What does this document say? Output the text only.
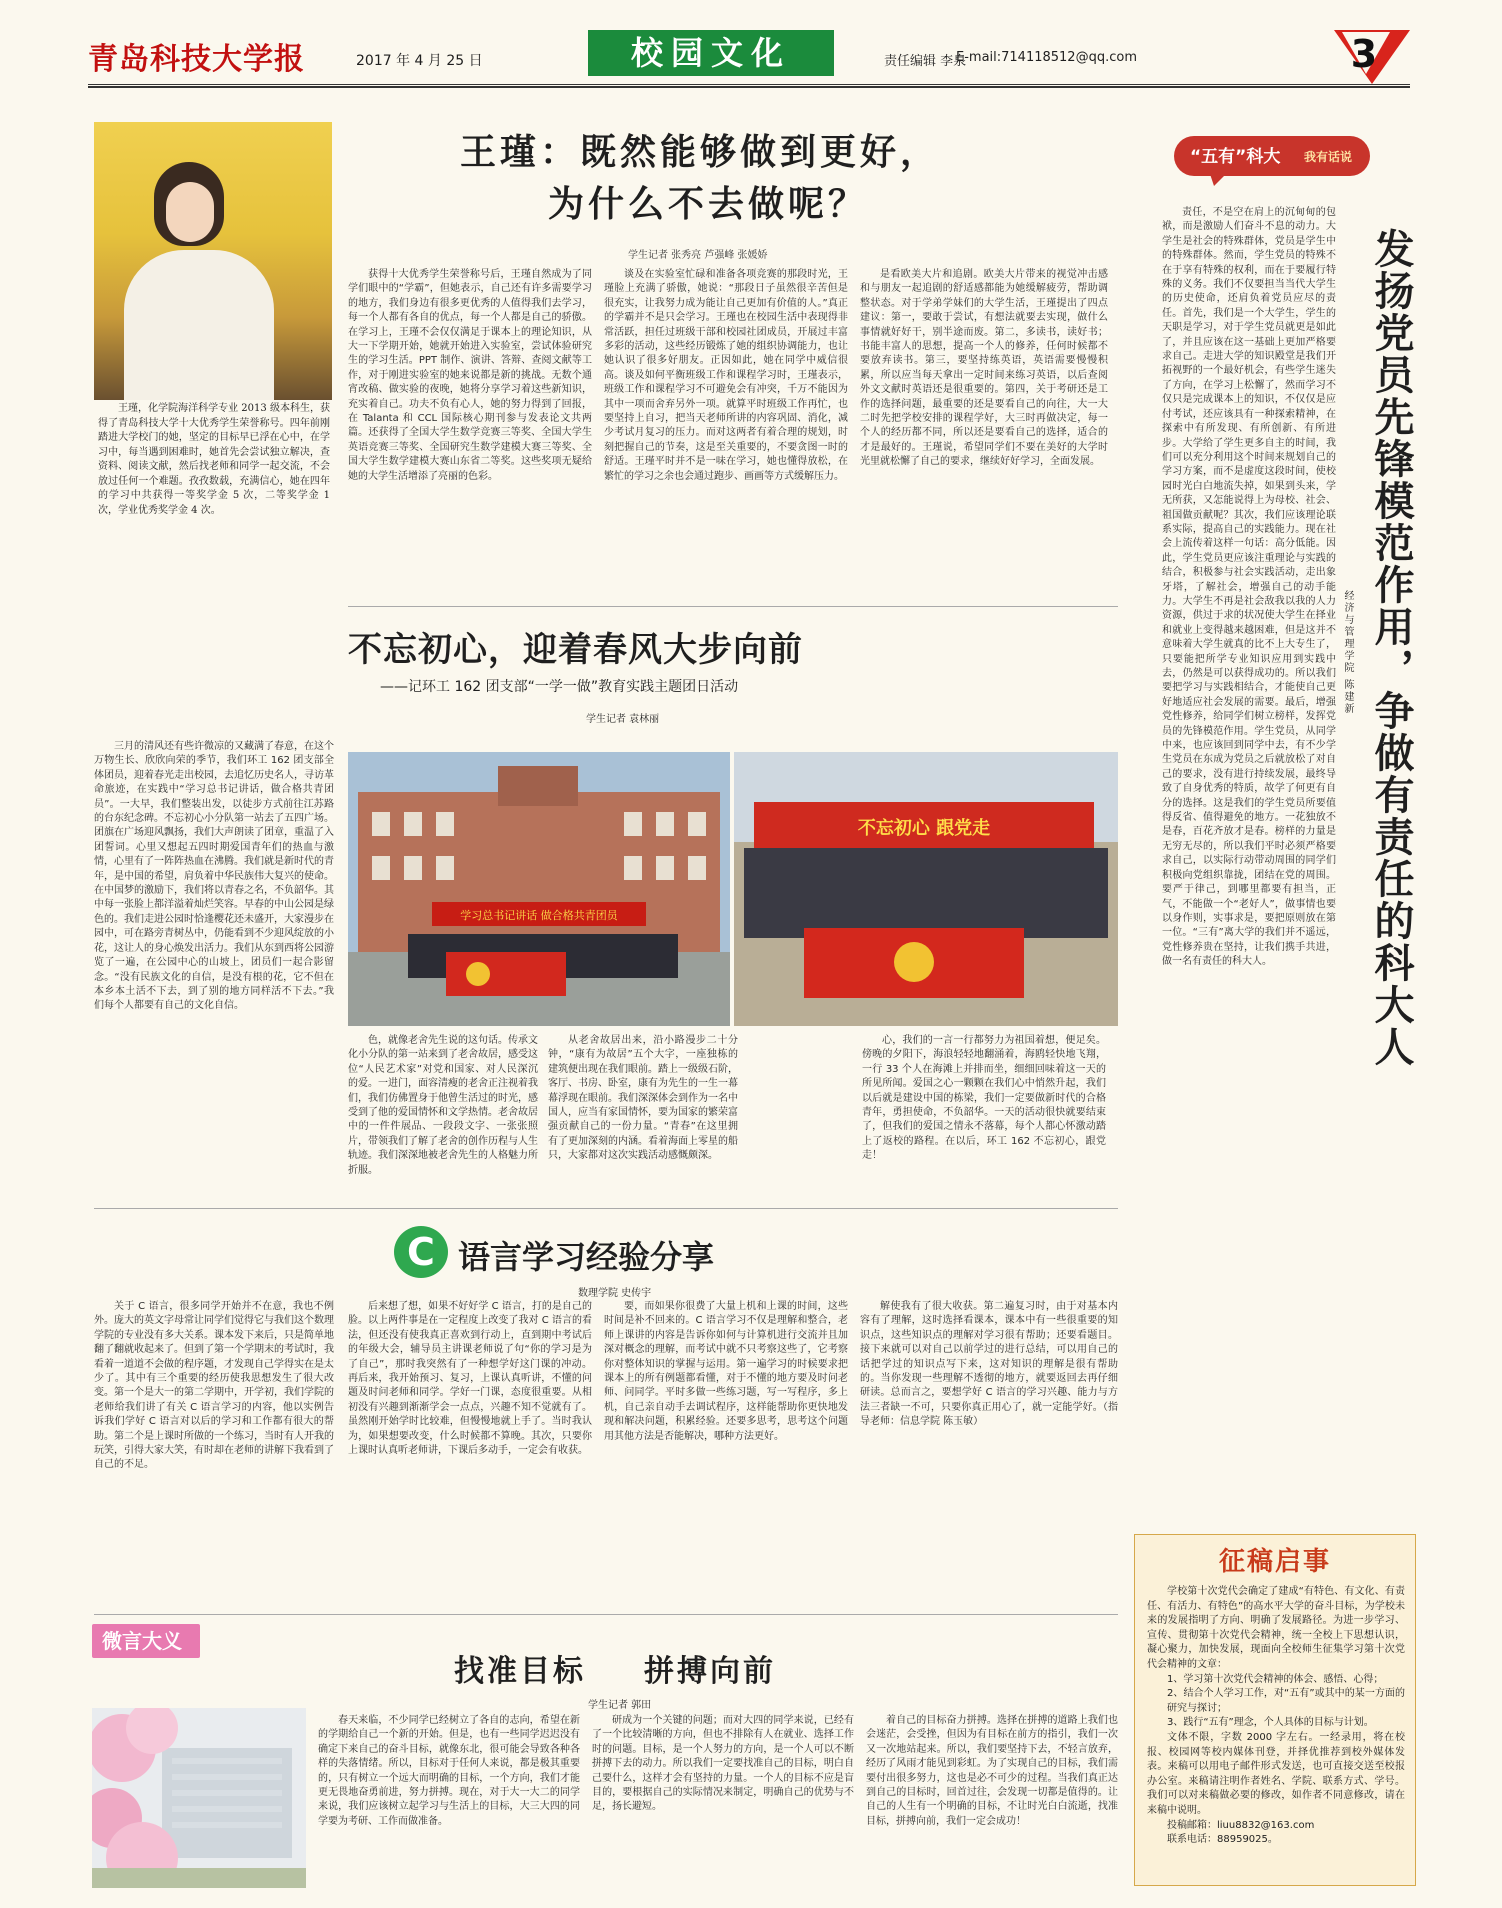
青岛科技大学报	2017 年 4 月 25 日	校园文化	责任编辑 李泉
E-mail:714118512@qq.com	3
王瑾，化学院海洋科学专业 2013 级本科生，获得了青岛科技大学十大优秀学生荣誉称号。四年前刚踏进大学校门的她，坚定的目标早已浮在心中，在学习中，每当遇到困难时，她首先会尝试独立解决，查资料、阅读文献，然后找老师和同学一起交流，不会放过任何一个难题。孜孜数载，充满信心，她在四年的学习中共获得一等奖学金 5 次，二等奖学金 1 次，学业优秀奖学金 4 次。
王瑾：既然能够做到更好，
为什么不去做呢？
学生记者 张秀亮 芦强峰 张媛娇
获得十大优秀学生荣誉称号后，王瑾自然成为了同学们眼中的“学霸”，但她表示，自己还有许多需要学习的地方，我们身边有很多更优秀的人值得我们去学习，每一个人都有各自的优点，每一个人都是自己的骄傲。在学习上，王瑾不会仅仅满足于课本上的理论知识，从大一下学期开始，她就开始进入实验室，尝试体验研究生的学习生活。PPT 制作、演讲、答辩、查阅文献等工作，对于刚进实验室的她来说都是新的挑战。无数个通宵改稿、做实验的夜晚，她将分享学习着这些新知识，充实着自己。功夫不负有心人，她的努力得到了回报，在 Talanta 和 CCL 国际核心期刊参与发表论文共两篇。还获得了全国大学生数学竞赛三等奖、全国大学生英语竞赛三等奖、全国研究生数学建模大赛三等奖、全国大学生数学建模大赛山东省二等奖。这些奖项无疑给她的大学生活增添了亮丽的色彩。
谈及在实验室忙碌和准备各项竞赛的那段时光，王瑾脸上充满了骄傲，她说：“那段日子虽然很辛苦但是很充实，让我努力成为能让自己更加有价值的人。”真正的学霸并不是只会学习。王瑾也在校园生活中表现得非常活跃，担任过班级干部和校园社团成员，开展过丰富多彩的活动，这些经历锻炼了她的组织协调能力，也让她认识了很多好朋友。正因如此，她在同学中威信很高。谈及如何平衡班级工作和课程学习时，王瑾表示，班级工作和课程学习不可避免会有冲突，千万不能因为其中一项而舍弃另外一项。就算平时班级工作再忙，也要坚持上自习，把当天老师所讲的内容巩固、消化，减少考试月复习的压力。而对这两者有着合理的规划，时刻把握自己的节奏，这是至关重要的，不要贪图一时的舒适。王瑾平时并不是一味在学习，她也懂得放松，在繁忙的学习之余也会通过跑步、画画等方式缓解压力。
是看欧美大片和追剧。欧美大片带来的视觉冲击感和与朋友一起追剧的舒适感都能为她缓解疲劳，帮助调整状态。对于学弟学妹们的大学生活，王瑾提出了四点建议：第一，要敢于尝试，有想法就要去实现，做什么事情就好好干，别半途而废。第二，多读书，读好书；书能丰富人的思想，提高一个人的修养，任何时候都不要放弃读书。第三，要坚持练英语，英语需要慢慢积累，所以应当每天拿出一定时间来练习英语，以后查阅外文文献时英语还是很重要的。第四，关于考研还是工作的选择问题，最重要的还是要看自己的向往，大一大二时先把学校安排的课程学好，大三时再做决定，每一个人的经历都不同，所以还是要看自己的选择，适合的才是最好的。王瑾说，希望同学们不要在美好的大学时光里就松懈了自己的要求，继续好好学习，全面发展。
不忘初心，迎着春风大步向前
——记环工 162 团支部“一学一做”教育实践主题团日活动
学生记者 袁林丽
三月的清风还有些许微凉的又藏满了春意，在这个万物生长、欣欣向荣的季节，我们环工 162 团支部全体团员，迎着春光走出校园，去追忆历史名人，寻访革命旅迹，在实践中“学习总书记讲话，做合格共青团员”。一大早，我们整装出发，以徒步方式前往江苏路的台东纪念碑。不忘初心小分队第一站去了五四广场。团旗在广场迎风飘扬，我们大声朗读了团章，重温了入团誓词。心里又想起五四时期爱国青年们的热血与激情，心里有了一阵阵热血在沸腾。我们就是新时代的青年，是中国的希望，肩负着中华民族伟大复兴的使命。在中国梦的激励下，我们将以青春之名，不负韶华。其中每一张脸上都洋溢着灿烂笑容。早春的中山公园是绿色的。我们走进公园时恰逢樱花还未盛开，大家漫步在园中，可在路旁青树丛中，仍能看到不少迎风绽放的小花，这让人的身心焕发出活力。我们从东到西将公园游览了一遍，在公园中心的山坡上，团员们一起合影留念。“没有民族文化的自信，是没有根的花，它不但在本乡本土活不下去，到了别的地方同样活不下去。”我们每个人都要有自己的文化自信。
学习总书记讲话 做合格共青团员
不忘初心 跟党走
色，就像老舍先生说的这句话。传承文化小分队的第一站来到了老舍故居，感受这位“人民艺术家”对党和国家、对人民深沉的爱。一进门，面容清瘦的老舍正注视着我们，我们仿佛置身于他曾生活过的时光，感受到了他的爱国情怀和文学热情。老舍故居中的一件件展品、一段段文字、一张张照片，带领我们了解了老舍的创作历程与人生轨迹。我们深深地被老舍先生的人格魅力所折服。
从老舍故居出来，沿小路漫步二十分钟，“康有为故居”五个大字，一座独栋的建筑便出现在我们眼前。踏上一级级石阶，客厅、书房、卧室，康有为先生的一生一幕幕浮现在眼前。我们深深体会到作为一名中国人，应当有家国情怀，要为国家的繁荣富强贡献自己的一份力量。“青春”在这里拥有了更加深刻的内涵。看着海面上零星的船只，大家都对这次实践活动感慨颇深。
心，我们的一言一行都努力为祖国着想，便足矣。傍晚的夕阳下，海浪轻轻地翻涌着，海鸥轻快地飞翔，一行 33 个人在海滩上并排而坐，细细回味着这一天的所见所闻。爱国之心一颗颗在我们心中悄然升起，我们以后就是建设中国的栋梁，我们一定要做新时代的合格青年，勇担使命，不负韶华。一天的活动很快就要结束了，但我们的爱国之情永不落幕，每个人都心怀激动踏上了返校的路程。在以后，环工 162 不忘初心，跟党走！
C 语言学习经验分享
数理学院 史传宇
关于 C 语言，很多同学开始并不在意，我也不例外。庞大的英文字母常让同学们觉得它与我们这个数理学院的专业没有多大关系。课本发下来后，只是简单地翻了翻就收起来了。但到了第一个学期末的考试时，我看着一道道不会做的程序题，才发现自己学得实在是太少了。其中有三个重要的经历使我思想发生了很大改变。第一个是大一的第二学期中，开学初，我们学院的老师给我们讲了有关 C 语言学习的内容，他以实例告诉我们学好 C 语言对以后的学习和工作都有很大的帮助。第二个是上课时所做的一个练习，当时有人开我的玩笑，引得大家大笑，有时却在老师的讲解下我看到了自己的不足。
后来想了想，如果不好好学 C 语言，打的是自己的脸。以上两件事是在一定程度上改变了我对 C 语言的看法，但还没有使我真正喜欢到行动上，直到期中考试后的年级大会，辅导员主讲课老师说了句“你的学习是为了自己”，那时我突然有了一种想学好这门课的冲动。再后来，我开始预习、复习，上课认真听讲，不懂的问题及时问老师和同学。学好一门课，态度很重要。从相初没有兴趣到渐渐学会一点点，兴趣不知不觉就有了。虽然刚开始学时比较难，但慢慢地就上手了。当时我认为，如果想要改变，什么时候都不算晚。其次，只要你上课时认真听老师讲，下课后多动手，一定会有收获。
要，而如果你很费了大量上机和上课的时间，这些时间是补不回来的。C 语言学习不仅是理解和整合，老师上课讲的内容是告诉你如何与计算机进行交流并且加深对概念的理解，而考试中就不只考察这些了，它考察你对整体知识的掌握与运用。第一遍学习的时候要求把课本上的所有例题都看懂，对于不懂的地方要及时问老师、问同学。平时多做一些练习题，写一写程序，多上机，自己亲自动手去调试程序，这样能帮助你更快地发现和解决问题，积累经验。还要多思考，思考这个问题用其他方法是否能解决，哪种方法更好。
解使我有了很大收获。第二遍复习时，由于对基本内容有了理解，这时选择看课本，课本中有一些很重要的知识点，这些知识点的理解对学习很有帮助；还要看题目。接下来就可以对自己以前学过的进行总结，可以用自己的话把学过的知识点写下来，这对知识的理解是很有帮助的。当你发现一些理解不透彻的地方，就要返回去再仔细研读。总而言之，要想学好 C 语言的学习兴趣、能力与方法三者缺一不可，只要你真正用心了，就一定能学好。（指导老师：信息学院 陈玉敏）
微言大义
找准目标 拼搏向前
学生记者 郭田
春天来临，不少同学已经树立了各自的志向，希望在新的学期给自己一个新的开始。但是，也有一些同学迟迟没有确定下来自己的奋斗目标，就像东北，很可能会导致各种各样的失落情绪。所以，目标对于任何人来说，都是极其重要的，只有树立一个远大而明确的目标，一个方向，我们才能更无畏地奋勇前进，努力拼搏。现在，对于大一大二的同学来说，我们应该树立起学习与生活上的目标，大三大四的同学要为考研、工作而做准备。
研成为一个关键的问题；而对大四的同学来说，已经有了一个比较清晰的方向，但也不排除有人在就业、选择工作时的问题。目标，是一个人努力的方向，是一个人可以不断拼搏下去的动力。所以我们一定要找准自己的目标，明白自己要什么，这样才会有坚持的力量。一个人的目标不应是盲目的，要根据自己的实际情况来制定，明确自己的优势与不足，扬长避短。
着自己的目标奋力拼搏。选择在拼搏的道路上我们也会迷茫，会受挫，但因为有目标在前方的指引，我们一次又一次地站起来。所以，我们要坚持下去，不轻言放弃，经历了风雨才能见到彩虹。为了实现自己的目标，我们需要付出很多努力，这也是必不可少的过程。当我们真正达到自己的目标时，回首过往，会发现一切都是值得的。让自己的人生有一个明确的目标，不让时光白白流逝，找准目标，拼搏向前，我们一定会成功！
“五有”科大 我有话说
发扬党员先锋模范作用，争做有责任的科大人
经济与管理学院 陈建新
责任，不是空在肩上的沉甸甸的包袱，而是激励人们奋斗不息的动力。大学生是社会的特殊群体，党员是学生中的特殊群体。然而，学生党员的特殊不在于享有特殊的权利，而在于要履行特殊的义务。我们不仅要担当当代大学生的历史使命，还肩负着党员应尽的责任。首先，我们是一个大学生，学生的天职是学习，对于学生党员就更是如此了，并且应该在这一基础上更加严格要求自己。走进大学的知识殿堂是我们开拓视野的一个最好机会，有些学生迷失了方向，在学习上松懈了，然而学习不仅只是完成课本上的知识，不仅仅是应付考试，还应该具有一种探索精神，在探索中有所发现、有所创新、有所进步。大学给了学生更多自主的时间，我们可以充分利用这个时间来规划自己的学习方案，而不是虚度这段时间，使校园时光白白地流失掉，如果到头来，学无所获，又怎能说得上为母校、社会、祖国做贡献呢？其次，我们应该理论联系实际，提高自己的实践能力。现在社会上流传着这样一句话：高分低能。因此，学生党员更应该注重理论与实践的结合，积极参与社会实践活动，走出象牙塔，了解社会，增强自己的动手能力。大学生不再是社会敌我以我的人力资源，供过于求的状况使大学生在择业和就业上变得越来越困难，但是这并不意味着大学生就真的比不上大专生了，只要能把所学专业知识应用到实践中去，仍然是可以获得成功的。所以我们要把学习与实践相结合，才能使自己更好地适应社会发展的需要。最后，增强党性修养，给同学们树立榜样，发挥党员的先锋模范作用。学生党员，从同学中来，也应该回到同学中去，有不少学生党员在东成为党员之后就放松了对自己的要求，没有进行持续发展，最终导致了自身优秀的特质，故学了何更有自分的选择。这是我们的学生党员所要值得反省、值得避免的地方。一花独放不是春，百花齐放才是春。榜样的力量是无穷无尽的，所以我们平时必须严格要求自己，以实际行动带动周围的同学们积极向党组织靠拢，团结在党的周围。要严于律己，到哪里都要有担当，正气，不能做一个“老好人”，做事情也要以身作则，实事求是，要把原则放在第一位。“三有”离大学的我们并不遥远，党性修养贵在坚持，让我们携手共进，做一名有责任的科大人。
征稿启事

学校第十次党代会确定了建成“有特色、有文化、有责任、有活力、有特色”的高水平大学的奋斗目标，为学校未来的发展指明了方向、明确了发展路径。为进一步学习、宣传、贯彻第十次党代会精神，统一全校上下思想认识，凝心聚力，加快发展，现面向全校师生征集学习第十次党代会精神的文章：

1、学习第十次党代会精神的体会、感悟、心得；

2、结合个人学习工作，对“五有”或其中的某一方面的研究与探讨；

3、践行“五有”理念，个人具体的目标与计划。

文体不限，字数 2000 字左右。一经录用，将在校报、校园网等校内媒体刊登，并择优推荐到校外媒体发表。来稿可以用电子邮件形式发送，也可直接交送至校报办公室。来稿请注明作者姓名、学院、联系方式、学号。我们可以对来稿做必要的修改，如作者不同意修改，请在来稿中说明。

投稿邮箱：liuu8832@163.com

联系电话：88959025。
